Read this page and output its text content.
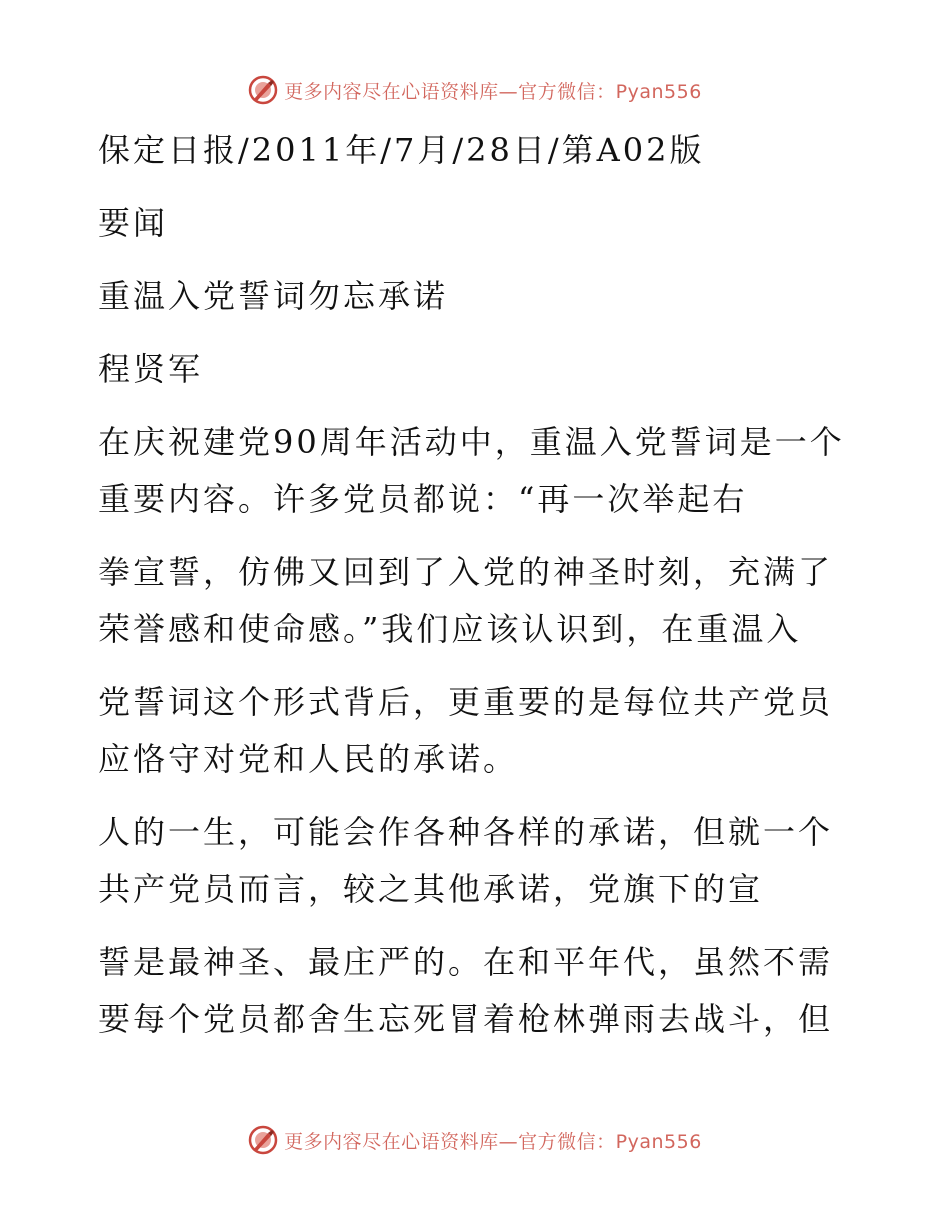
更多内容尽在心语资料库—官方微信：Pyan556
保定日报/2011年/7月/28日/第A02版
要闻
重温入党誓词勿忘承诺
程贤军
在庆祝建党90周年活动中，重温入党誓词是一个
重要内容。许多党员都说：“再一次举起右
拳宣誓，仿佛又回到了入党的神圣时刻，充满了
荣誉感和使命感。”我们应该认识到，在重温入
党誓词这个形式背后，更重要的是每位共产党员
应恪守对党和人民的承诺。
人的一生，可能会作各种各样的承诺，但就一个
共产党员而言，较之其他承诺，党旗下的宣
誓是最神圣、最庄严的。在和平年代，虽然不需
要每个党员都舍生忘死冒着枪林弹雨去战斗，但
更多内容尽在心语资料库—官方微信：Pyan556
